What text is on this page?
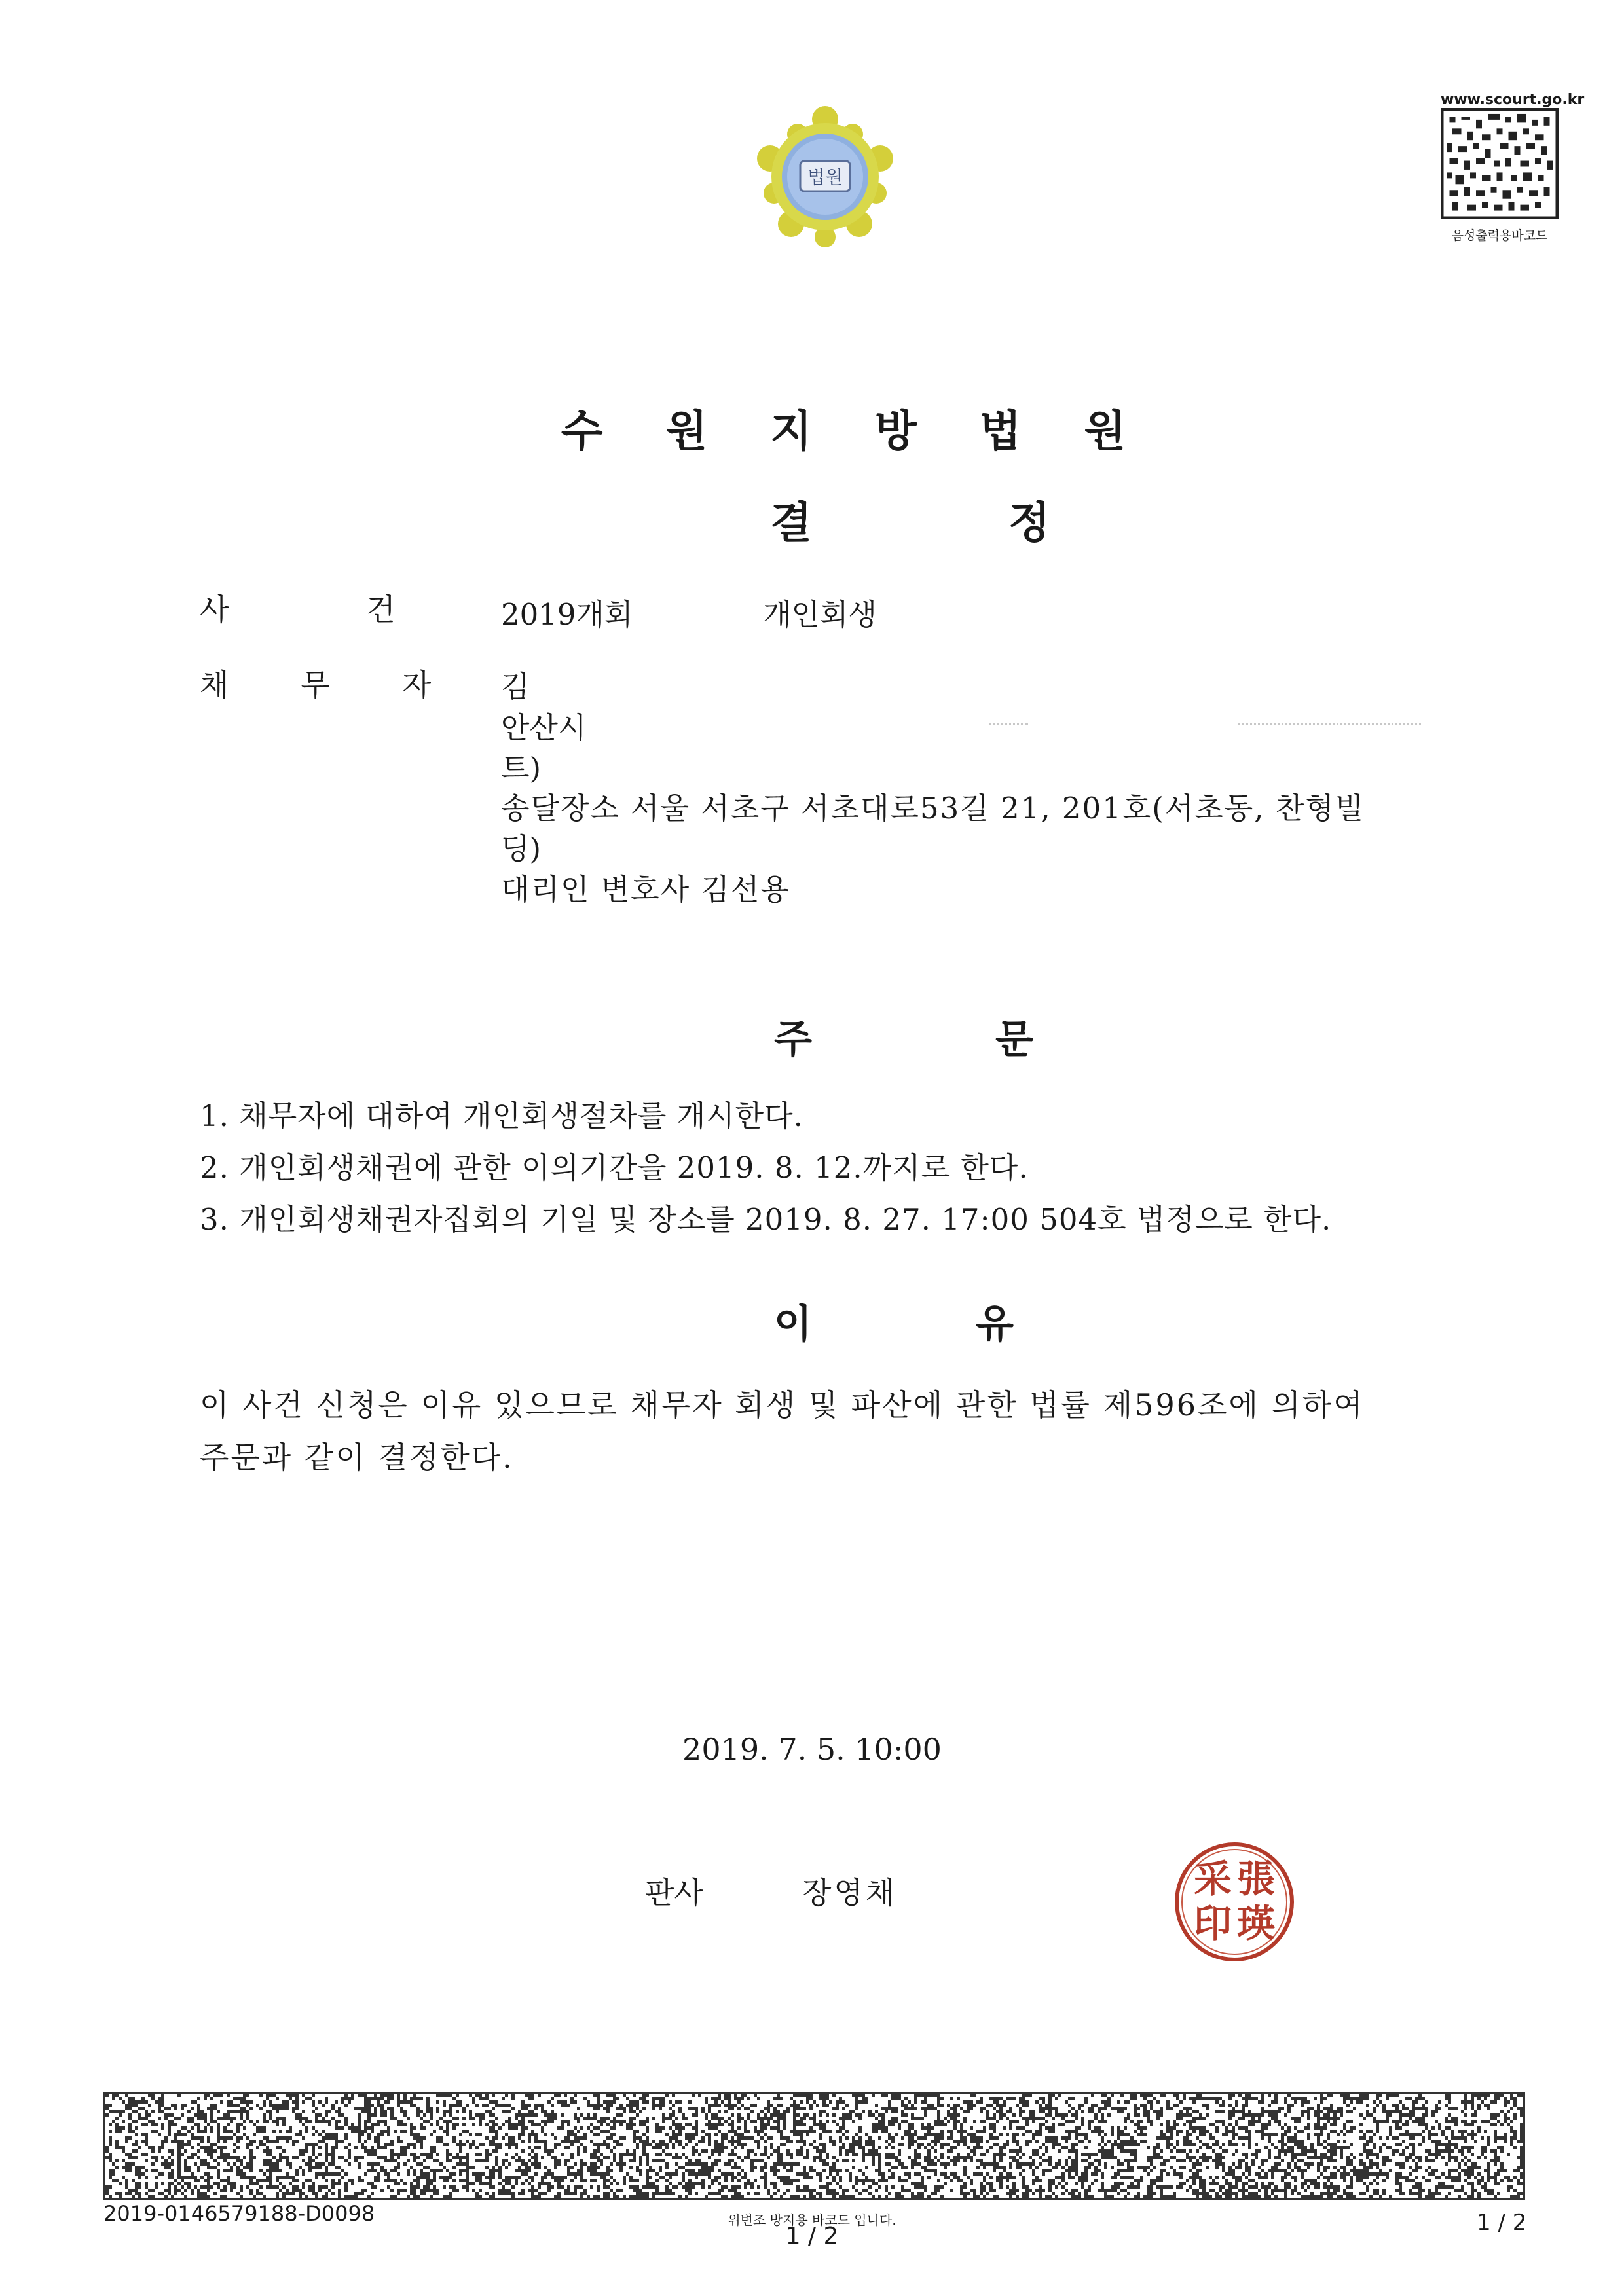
법원
www.scourt.go.kr
음성출력용바코드
수원지방법원
결정
사건
2019개회	개인회생
채무자
김
안산시
트)
송달장소 서울 서초구 서초대로53길 21, 201호(서초동, 찬형빌
딩)
대리인 변호사 김선용
주문
1. 채무자에 대하여 개인회생절차를 개시한다.
2. 개인회생채권에 관한 이의기간을 2019. 8. 12.까지로 한다.
3. 개인회생채권자집회의 기일 및 장소를 2019. 8. 27. 17:00 504호 법정으로 한다.
이유
이 사건 신청은 이유 있으므로 채무자 회생 및 파산에 관한 법률 제596조에 의하여
주문과 같이 결정한다.
2019. 7. 5. 10:00
판사	장영채	張
瑛
采
印
2019-0146579188-D0098	위변조 방지용 바코드 입니다.
1 / 2	1 / 2
